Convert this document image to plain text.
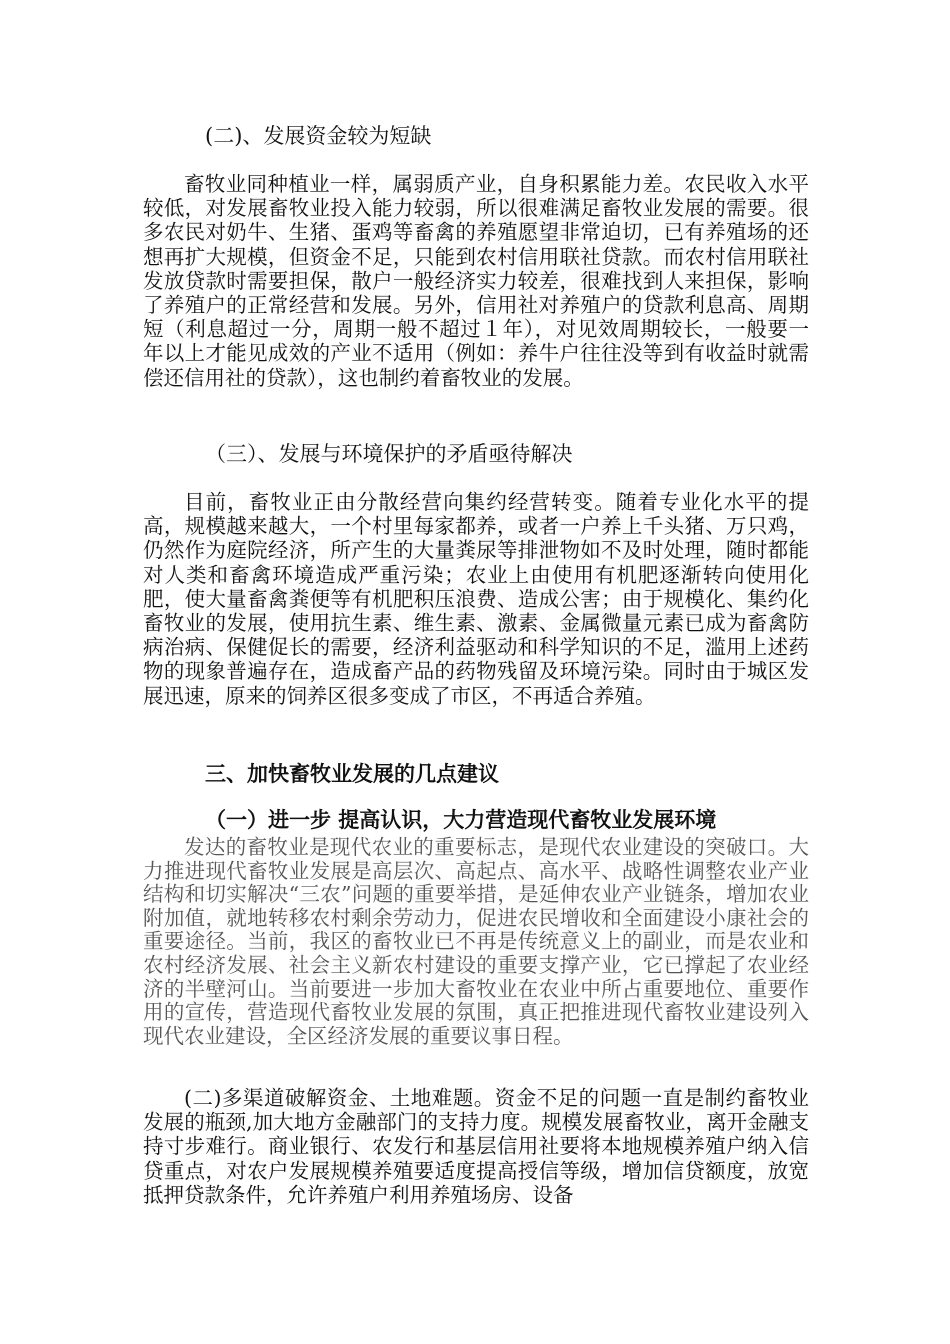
(二)、发展资金较为短缺
畜牧业同种植业一样，属弱质产业，自身积累能力差。农民收入水平较低，对发展畜牧业投入能力较弱，所以很难满足畜牧业发展的需要。很多农民对奶牛、生猪、蛋鸡等畜禽的养殖愿望非常迫切，已有养殖场的还想再扩大规模，但资金不足，只能到农村信用联社贷款。而农村信用联社发放贷款时需要担保，散户一般经济实力较差，很难找到人来担保，影响了养殖户的正常经营和发展。另外，信用社对养殖户的贷款利息高、周期短（利息超过一分，周期一般不超过１年），对见效周期较长，一般要一年以上才能见成效的产业不适用（例如：养牛户往往没等到有收益时就需偿还信用社的贷款），这也制约着畜牧业的发展。
（三）、发展与环境保护的矛盾亟待解决
目前，畜牧业正由分散经营向集约经营转变。随着专业化水平的提高，规模越来越大，一个村里每家都养，或者一户养上千头猪、万只鸡，仍然作为庭院经济，所产生的大量粪尿等排泄物如不及时处理，随时都能对人类和畜禽环境造成严重污染；农业上由使用有机肥逐渐转向使用化肥，使大量畜禽粪便等有机肥积压浪费、造成公害；由于规模化、集约化畜牧业的发展，使用抗生素、维生素、激素、金属微量元素已成为畜禽防病治病、保健促长的需要，经济利益驱动和科学知识的不足，滥用上述药物的现象普遍存在，造成畜产品的药物残留及环境污染。同时由于城区发展迅速，原来的饲养区很多变成了市区，不再适合养殖。
三、加快畜牧业发展的几点建议
（一）进一步 提高认识，大力营造现代畜牧业发展环境
发达的畜牧业是现代农业的重要标志，是现代农业建设的突破口。大力推进现代畜牧业发展是高层次、高起点、高水平、战略性调整农业产业结构和切实解决“三农”问题的重要举措，是延伸农业产业链条，增加农业附加值，就地转移农村剩余劳动力，促进农民增收和全面建设小康社会的重要途径。当前，我区的畜牧业已不再是传统意义上的副业，而是农业和农村经济发展、社会主义新农村建设的重要支撑产业，它已撑起了农业经济的半壁河山。当前要进一步加大畜牧业在农业中所占重要地位、重要作用的宣传，营造现代畜牧业发展的氛围，真正把推进现代畜牧业建设列入现代农业建设，全区经济发展的重要议事日程。
(二)多渠道破解资金、土地难题。资金不足的问题一直是制约畜牧业发展的瓶颈,加大地方金融部门的支持力度。规模发展畜牧业，离开金融支持寸步难行。商业银行、农发行和基层信用社要将本地规模养殖户纳入信贷重点，对农户发展规模养殖要适度提高授信等级，增加信贷额度，放宽抵押贷款条件，允许养殖户利用养殖场房、设备
